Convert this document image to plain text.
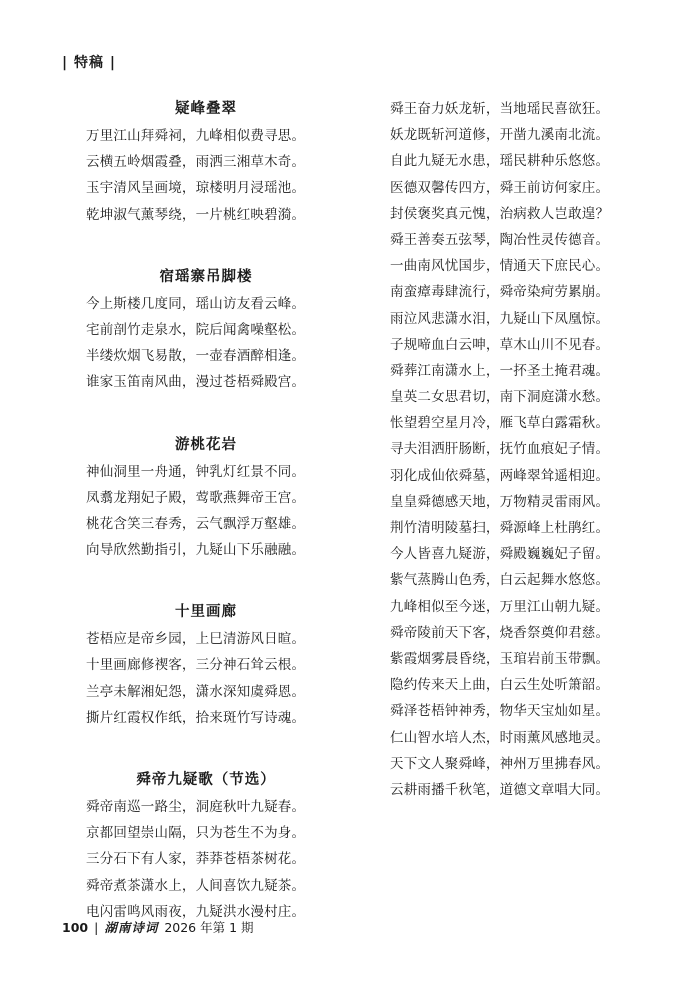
| 特稿 |
疑峰叠翠
万里江山拜舜祠，九峰相似费寻思。
云横五岭烟霞叠，雨洒三湘草木奇。
玉宇清风呈画境，琼楼明月浸瑶池。
乾坤淑气薰琴绕，一片桃红映碧漪。
宿瑶寨吊脚楼
今上斯楼几度同，瑶山访友看云峰。
宅前剖竹走泉水，院后闻禽噪壑松。
半缕炊烟飞易散，一壶春酒醉相逢。
谁家玉笛南风曲，漫过苍梧舜殿宫。
游桃花岩
神仙洞里一舟通，钟乳灯红景不同。
凤翥龙翔妃子殿，莺歌燕舞帝王宫。
桃花含笑三春秀，云气飘浮万壑雄。
向导欣然勤指引，九疑山下乐融融。
十里画廊
苍梧应是帝乡园，上巳清游风日暄。
十里画廊修禊客，三分神石耸云根。
兰亭未解湘妃怨，潇水深知虞舜恩。
撕片红霞权作纸，拾来斑竹写诗魂。
舜帝九疑歌（节选）
舜帝南巡一路尘，洞庭秋叶九疑春。
京都回望崇山隔，只为苍生不为身。
三分石下有人家，莽莽苍梧茶树花。
舜帝煮茶潇水上，人间喜饮九疑茶。
电闪雷鸣风雨夜，九疑洪水漫村庄。
舜王奋力妖龙斩，当地瑶民喜欲狂。
妖龙既斩河道修，开凿九溪南北流。
自此九疑无水患，瑶民耕种乐悠悠。
医德双馨传四方，舜王前访何家庄。
封侯褒奖真元愧，治病救人岂敢遑？
舜王善奏五弦琴，陶冶性灵传德音。
一曲南风忧国步，情通天下庶民心。
南蛮瘴毒肆流行，舜帝染疴劳累崩。
雨泣风悲潇水泪，九疑山下凤凰惊。
子规啼血白云呻，草木山川不见春。
舜葬江南潇水上，一抔圣土掩君魂。
皇英二女思君切，南下洞庭潇水愁。
怅望碧空星月冷，雁飞草白露霜秋。
寻夫泪洒肝肠断，抚竹血痕妃子情。
羽化成仙依舜墓，两峰翠耸遥相迎。
皇皇舜德感天地，万物精灵雷雨风。
荆竹清明陵墓扫，舜源峰上杜鹃红。
今人皆喜九疑游，舜殿巍巍妃子留。
紫气蒸腾山色秀，白云起舞水悠悠。
九峰相似至今迷，万里江山朝九疑。
舜帝陵前天下客，烧香祭奠仰君慈。
紫霞烟雾晨昏绕，玉琯岩前玉带飘。
隐约传来天上曲，白云生处听箫韶。
舜泽苍梧钟神秀，物华天宝灿如星。
仁山智水培人杰，时雨薰风感地灵。
天下文人聚舜峰，神州万里拂春风。
云耕雨播千秋笔，道德文章唱大同。
100 | 湖南诗词 2026 年第 1 期
